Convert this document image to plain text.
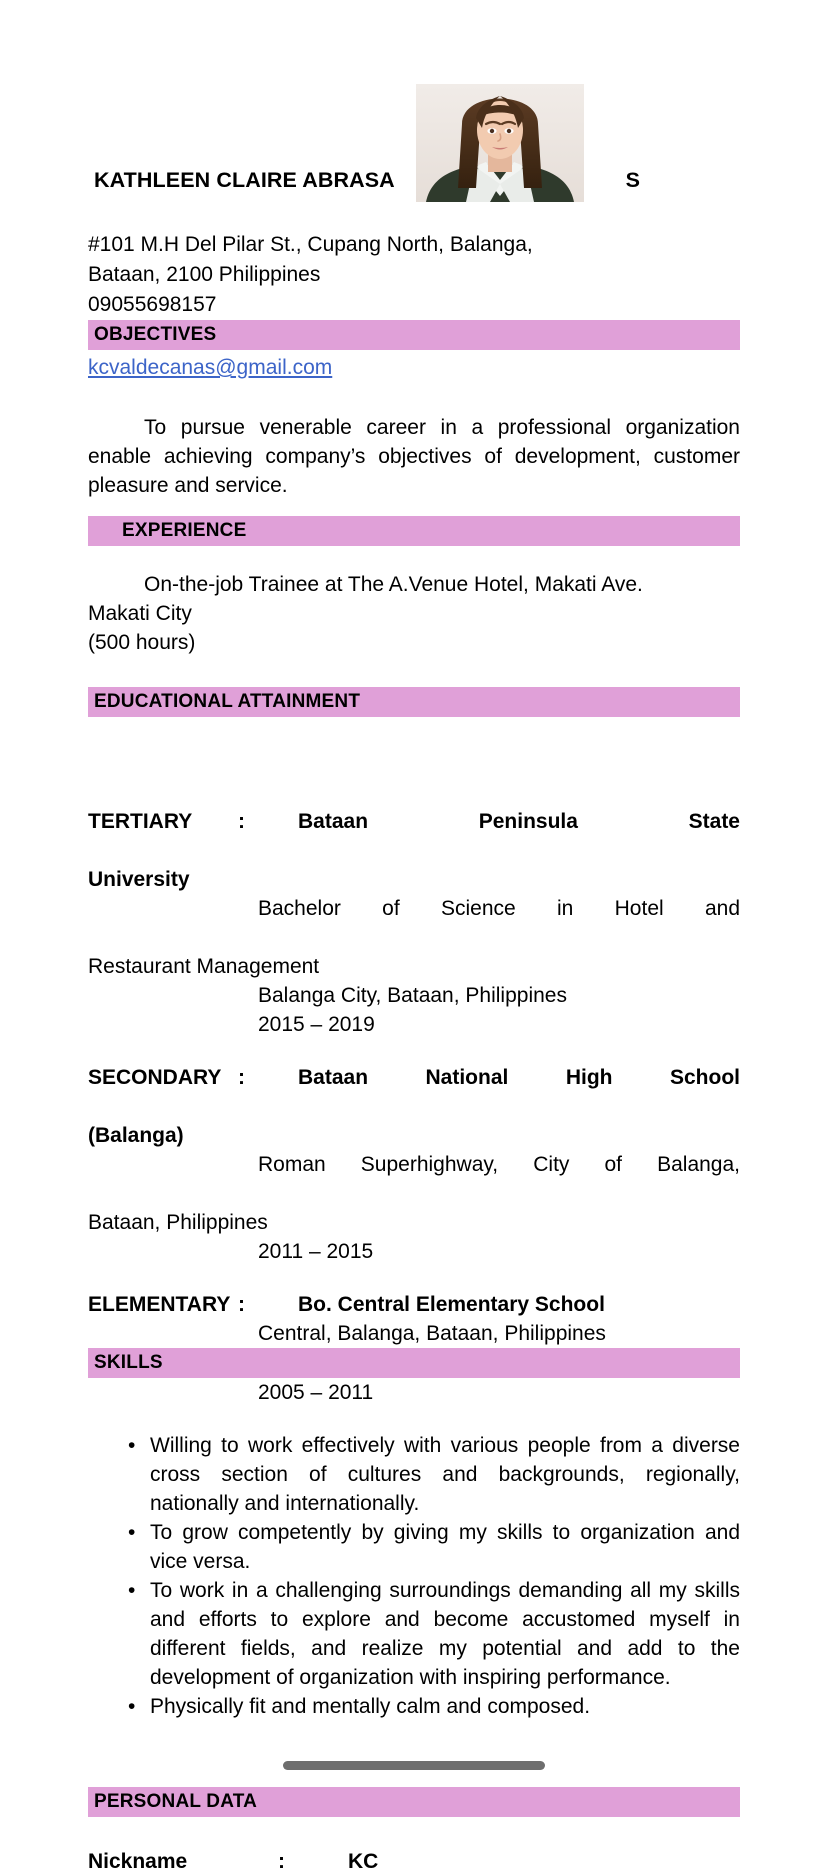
KATHLEEN CLAIRE ABRASA	S

#101 M.H Del Pilar St., Cupang North, Balanga,

Bataan, 2100 Philippines

09055698157

OBJECTIVES
kcvaldecanas@gmail.com

To pursue venerable career in a professional organization enable achieving company’s objectives of development, customer pleasure and service.

EXPERIENCE

On-the-job Trainee at The A.Venue Hotel, Makati Ave.

Makati City

(500 hours)

EDUCATIONAL ATTAINMENT
TERTIARY	:	Bataan Peninsula State
University

Bachelor of Science in Hotel and

Restaurant Management

Balanga City, Bataan, Philippines

2015 – 2019

SECONDARY :	Bataan National High School
(Balanga)

Roman Superhighway, City of Balanga,

Bataan, Philippines

2011 – 2015

ELEMENTARY :	Bo. Central Elementary School

Central, Balanga, Bataan, Philippines

SKILLS

2005 – 2011

• Willing to work effectively with various people from a diverse cross section of cultures and backgrounds, regionally, nationally and internationally.
• To grow competently by giving my skills to organization and vice versa.
• To work in a challenging surroundings demanding all my skills and efforts to explore and become accustomed myself in different fields, and realize my potential and add to the development of organization with inspiring performance.
• Physically fit and mentally calm and composed.
PERSONAL DATA
Nickname	:	KC
